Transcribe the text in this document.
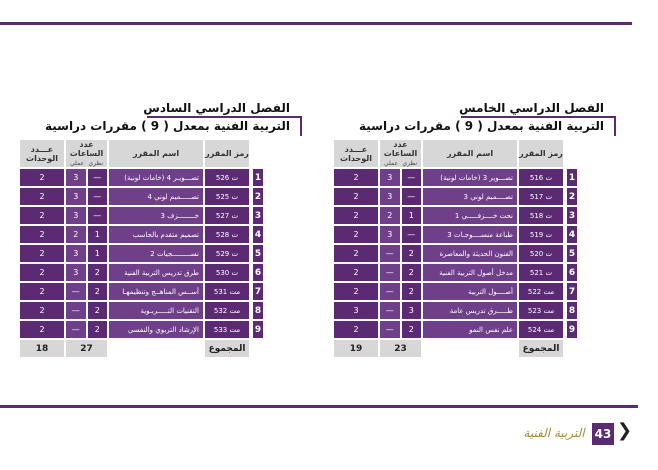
الفصل الدراسي السادس
التربية الفنية بمعدل ( 9 ) مقررات دراسية
عـــدد الوحدات	عدد الساعات
عملي نظري		اسم المقرر	رمز المقرر	
2	3	—	تصـــويـر 4 (خامات لونية)	ت 526	1
2	3	—	تصـــــميم لوني 4	ت 525	2
2	3	—	خــــــــزف 3	ت 527	3
2	2	1	تصميم متقدم بالحاسب	ت 528	4
2	3	1	نســـــــــجيات 2	ت 529	5
2	3	2	طرق تدريس التربية الفنية	ت 530	6
2	—	2	أســس المناهــج وتنظيمهـا	مت 531	7
2	—	2	التقنيات التـــــربـوية	مت 532	8
2	—	2	الإرشاد التربوي والنفسي	مت 533	9
18	27			المجموع	
الفصل الدراسي الخامس
التربية الفنية بمعدل ( 9 ) مقررات دراسية
عـــدد الوحدات	عدد الساعات
عملي نظري		اسم المقرر	رمز المقرر	
2	3	—	تصـــوير 3 (خامات لونية)	ت 516	1
2	3	—	تصــــميم لوني 3	ت 517	2
2	2	1	نحت خــــزفـــــي 1	ت 518	3
2	3	—	طباعة منســــوجـات 3	ت 519	4
2	—	2	الفنون الحديثة والمعاصرة	ت 520	5
2	—	2	مدخل أصول التربية الفنية	ت 521	6
2	—	2	أصــــول التربية	مت 522	7
3	—	3	طـــــرق تدريس عامة	مت 523	8
2	—	2	علم نفس النمو	مت 524	9
19	23			المجموع	
التربية الفنية 43 ❯
